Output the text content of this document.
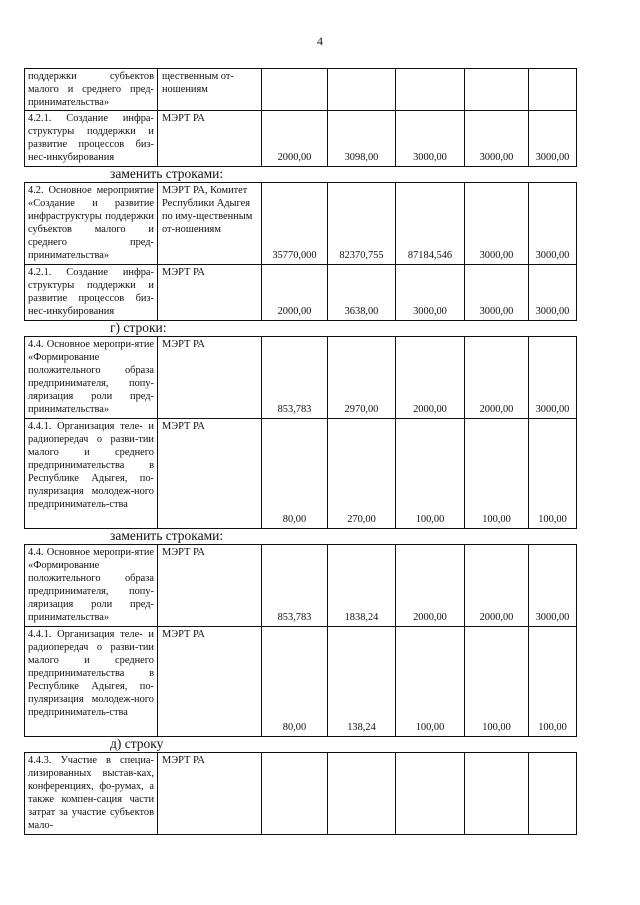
4
поддержки субъектов малого и среднего пред-принимательства»	щественным от-ношениям					
4.2.1. Создание инфра-структуры поддержки и развитие процессов биз-нес-инкубирования	МЭРТ РА	2000,00	3098,00	3000,00	3000,00	3000,00
заменить строками:
4.2. Основное мероприятие «Создание и развитие инфраструктуры поддержки субъектов малого и среднего пред-принимательства»	МЭРТ РА, Комитет Республики Адыгея по иму-щественным от-ношениям	35770,000	82370,755	87184,546	3000,00	3000,00
4.2.1. Создание инфра-структуры поддержки и развитие процессов биз-нес-инкубирования	МЭРТ РА	2000,00	3638,00	3000,00	3000,00	3000,00
г) строки:
4.4. Основное меропри-ятие «Формирование положительного образа предпринимателя, попу-ляризация роли пред-принимательства»	МЭРТ РА	853,783	2970,00	2000,00	2000,00	3000,00
4.4.1. Организация теле- и радиопередач о разви-тии малого и среднего предпринимательства в Республике Адыгея, по-пуляризация молодеж-ного предприниматель-ства	МЭРТ РА	80,00	270,00	100,00	100,00	100,00
заменить строками:
4.4. Основное меропри-ятие «Формирование положительного образа предпринимателя, попу-ляризация роли пред-принимательства»	МЭРТ РА	853,783	1838,24	2000,00	2000,00	3000,00
4.4.1. Организация теле- и радиопередач о разви-тии малого и среднего предпринимательства в Республике Адыгея, по-пуляризация молодеж-ного предприниматель-ства	МЭРТ РА	80,00	138,24	100,00	100,00	100,00
д) строку
4.4.3. Участие в специа-лизированных выстав-ках, конференциях, фо-румах, а также компен-сация части затрат за участие субъектов мало-	МЭРТ РА					
